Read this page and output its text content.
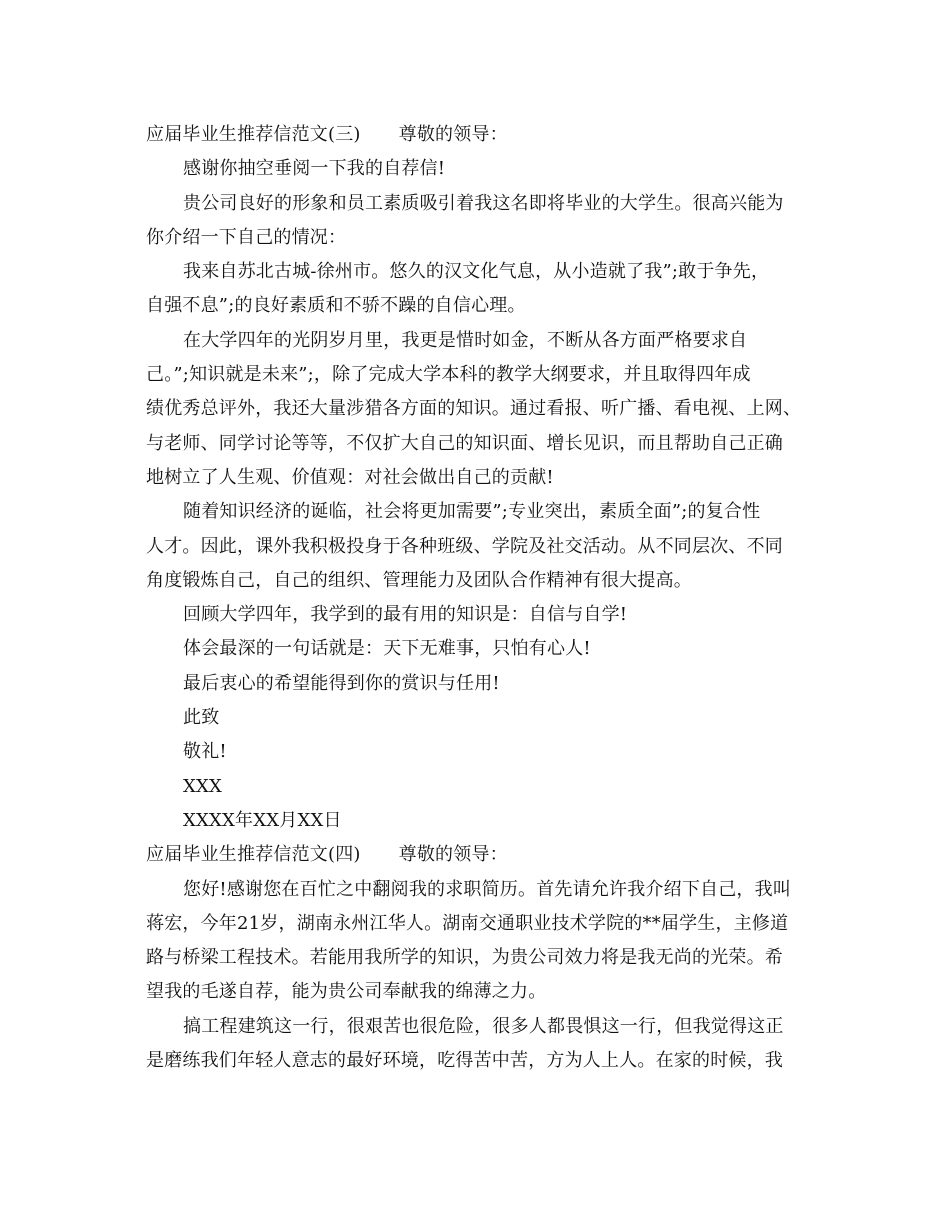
应届毕业生推荐信范文(三) 尊敬的领导：
感谢你抽空垂阅一下我的自荐信!
贵公司良好的形象和员工素质吸引着我这名即将毕业的大学生。很高兴能为
你介绍一下自己的情况：
我来自苏北古城-徐州市。悠久的汉文化气息，从小造就了我”;敢于争先，
自强不息”;的良好素质和不骄不躁的自信心理。
在大学四年的光阴岁月里，我更是惜时如金，不断从各方面严格要求自
己。”;知识就是未来”;，除了完成大学本科的教学大纲要求，并且取得四年成
绩优秀总评外，我还大量涉猎各方面的知识。通过看报、听广播、看电视、上网、
与老师、同学讨论等等，不仅扩大自己的知识面、增长见识，而且帮助自己正确
地树立了人生观、价值观：对社会做出自己的贡献!
随着知识经济的诞临，社会将更加需要”;专业突出，素质全面”;的复合性
人才。因此，课外我积极投身于各种班级、学院及社交活动。从不同层次、不同
角度锻炼自己，自己的组织、管理能力及团队合作精神有很大提高。
回顾大学四年，我学到的最有用的知识是：自信与自学!
体会最深的一句话就是：天下无难事，只怕有心人!
最后衷心的希望能得到你的赏识与任用!
此致
敬礼!
XXX
XXXX年XX月XX日
应届毕业生推荐信范文(四) 尊敬的领导：
您好!感谢您在百忙之中翻阅我的求职简历。首先请允许我介绍下自己，我叫
蒋宏，今年21岁，湖南永州江华人。湖南交通职业技术学院的**届学生，主修道
路与桥梁工程技术。若能用我所学的知识，为贵公司效力将是我无尚的光荣。希
望我的毛遂自荐，能为贵公司奉献我的绵薄之力。
搞工程建筑这一行，很艰苦也很危险，很多人都畏惧这一行，但我觉得这正
是磨练我们年轻人意志的最好环境，吃得苦中苦，方为人上人。在家的时候，我
